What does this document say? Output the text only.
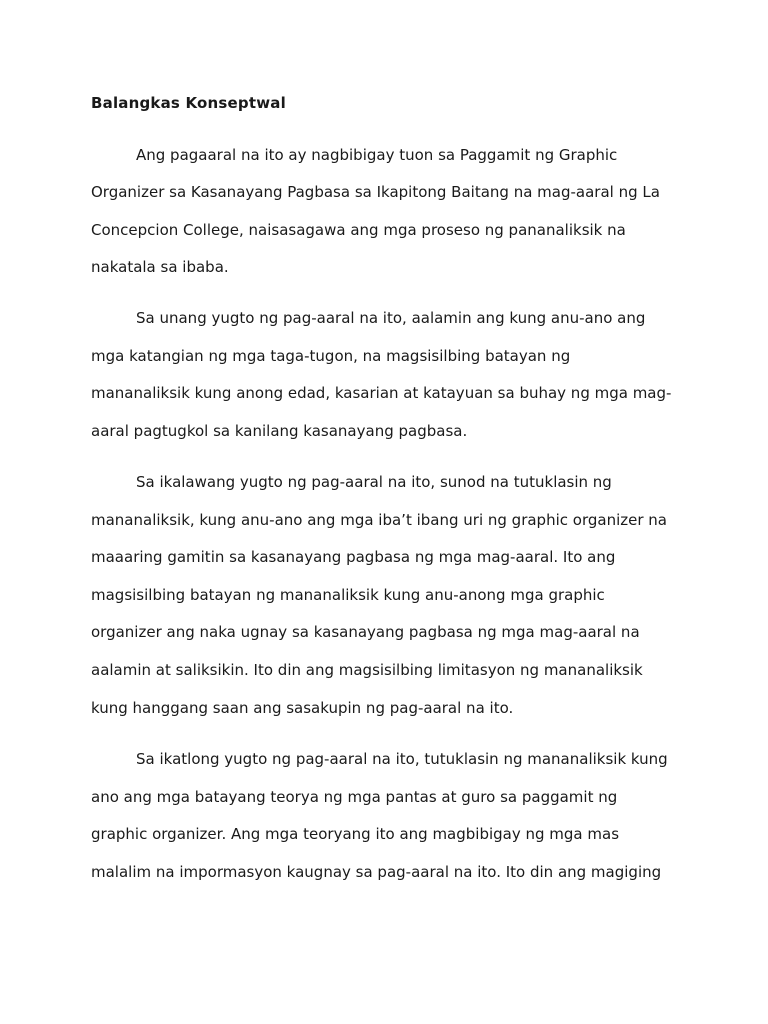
Balangkas Konseptwal
Ang pagaaral na ito ay nagbibigay tuon sa Paggamit ng Graphic
Organizer sa Kasanayang Pagbasa sa Ikapitong Baitang na mag-aaral ng La
Concepcion College, naisasagawa ang mga proseso ng pananaliksik na
nakatala sa ibaba.
Sa unang yugto ng pag-aaral na ito, aalamin ang kung anu-ano ang
mga katangian ng mga taga-tugon, na magsisilbing batayan ng
mananaliksik kung anong edad, kasarian at katayuan sa buhay ng mga mag-
aaral pagtugkol sa kanilang kasanayang pagbasa.
Sa ikalawang yugto ng pag-aaral na ito, sunod na tutuklasin ng
mananaliksik, kung anu-ano ang mga iba’t ibang uri ng graphic organizer na
maaaring gamitin sa kasanayang pagbasa ng mga mag-aaral. Ito ang
magsisilbing batayan ng mananaliksik kung anu-anong mga graphic
organizer ang naka ugnay sa kasanayang pagbasa ng mga mag-aaral na
aalamin at saliksikin. Ito din ang magsisilbing limitasyon ng mananaliksik
kung hanggang saan ang sasakupin ng pag-aaral na ito.
Sa ikatlong yugto ng pag-aaral na ito, tutuklasin ng mananaliksik kung
ano ang mga batayang teorya ng mga pantas at guro sa paggamit ng
graphic organizer. Ang mga teoryang ito ang magbibigay ng mga mas
malalim na impormasyon kaugnay sa pag-aaral na ito. Ito din ang magiging
